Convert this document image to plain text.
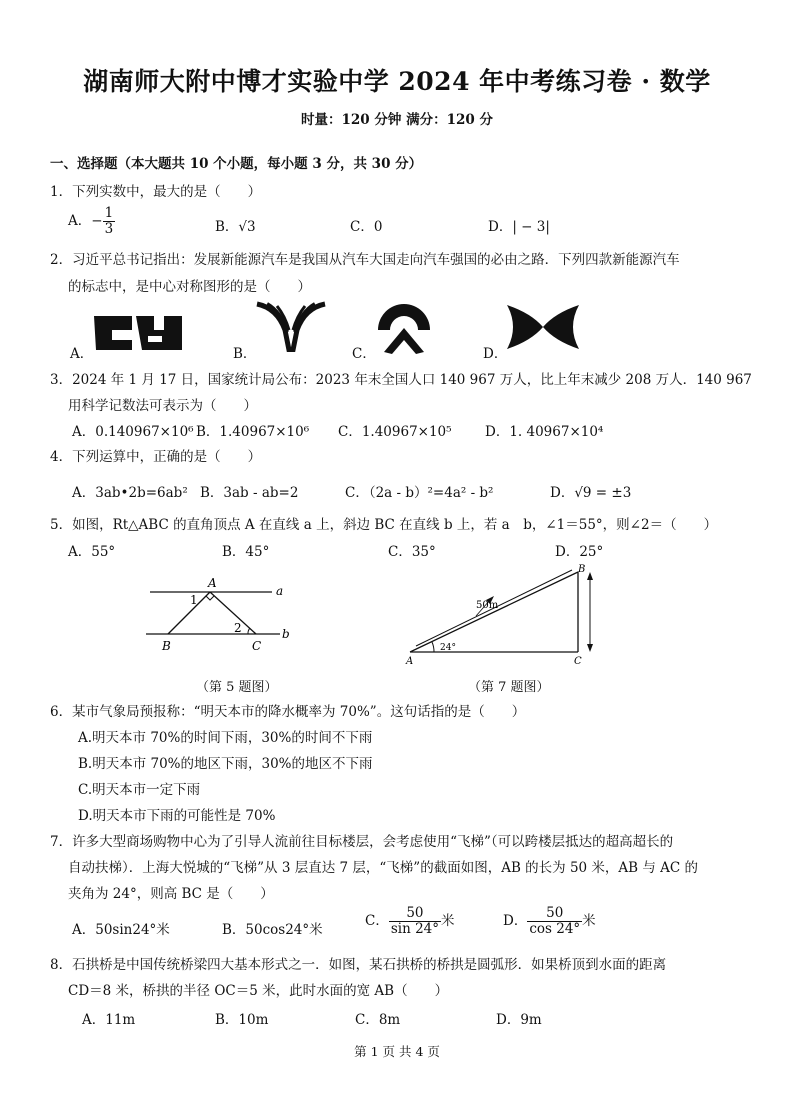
湖南师大附中博才实验中学 2024 年中考练习卷 · 数学
时量：120 分钟 满分：120 分
一、选择题（本大题共 10 个小题，每小题 3 分，共 30 分）
1．下列实数中，最大的是（　　）
A．− $\frac{1}{3}$	B．√3	C．0	D．| − 3|
2．习近平总书记指出：发展新能源汽车是我国从汽车大国走向汽车强国的必由之路．下列四款新能源汽车
的标志中，是中心对称图形的是（　　）
A．	B．	C．	D．
3．2024 年 1 月 17 日，国家统计局公布：2023 年末全国人口 140 967 万人，比上年末减少 208 万人．140 967
用科学记数法可表示为（　　）
A．0.140967×10⁶ B．1.40967×10⁶ C．1.40967×10⁵ D．1. 40967×10⁴
4．下列运算中，正确的是（　　）
A．3ab•2b=6ab² B．3ab - ab=2	C．（2a - b）²=4a² - b²	D．√9 = ±3
5．如图，Rt△ABC 的直角顶点 A 在直线 a 上，斜边 BC 在直线 b 上，若 a　b，∠1＝55°，则∠2＝（　　）
A．55°	B．45°	C．35°	D．25°
A
B	C
a
b
1
2
（第 5 题图）
A
B
C
50m
24°
（第 7 题图）
6．某市气象局预报称：“明天本市的降水概率为 70%”。这句话指的是（　　）
A.明天本市 70%的时间下雨，30%的时间不下雨
B.明天本市 70%的地区下雨，30%的地区不下雨
C.明天本市一定下雨
D.明天本市下雨的可能性是 70%
7．许多大型商场购物中心为了引导人流前往目标楼层，会考虑使用“飞梯”（可以跨楼层抵达的超高超长的
自动扶梯）．上海大悦城的“飞梯”从 3 层直达 7 层，“飞梯”的截面如图，AB 的长为 50 米，AB 与 AC 的
夹角为 24°，则高 BC 是（　　）
A．50sin24°米	B．50cos24°米
C． $\frac{50}{\sin 24^\circ}$ 米	D． $\frac{50}{\cos 24^\circ}$ 米
8．石拱桥是中国传统桥梁四大基本形式之一．如图，某石拱桥的桥拱是圆弧形．如果桥顶到水面的距离
CD＝8 米，桥拱的半径 OC＝5 米，此时水面的宽 AB（　　）
A．11m	B．10m	C．8m	D．9m
第 1 页 共 4 页
